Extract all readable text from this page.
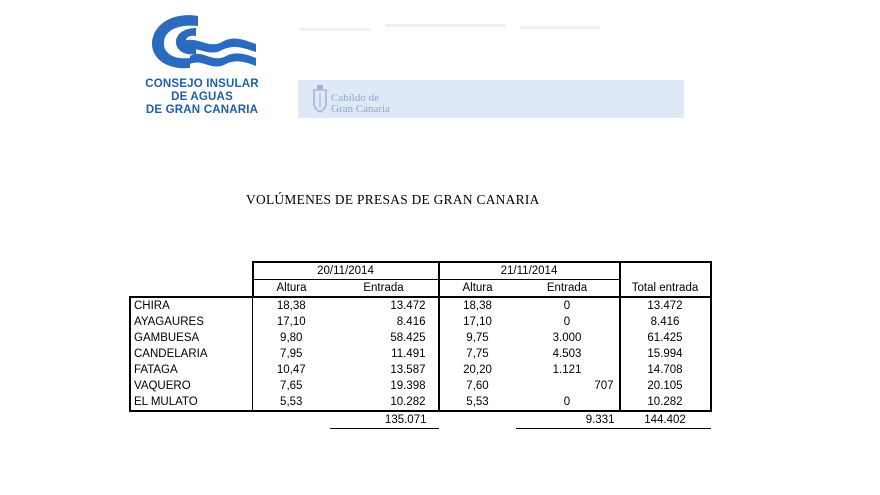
CONSEJO INSULAR
DE AGUAS
DE GRAN CANARIA
Cabildo de
Gran Canaria
VOLÚMENES DE PRESAS DE GRAN CANARIA
	20/11/2014		21/11/2014		
	Altura	Entrada	Altura	Entrada	Total entrada
CHIRA	18,38	13.472	18,38	0	13.472
AYAGAURES	17,10	8.416	17,10	0	8.416
GAMBUESA	9,80	58.425	9,75	3.000	61.425
CANDELARIA	7,95	11.491	7,75	4.503	15.994
FATAGA	10,47	13.587	20,20	1.121	14.708
VAQUERO	7,65	19.398	7,60	707	20.105
EL MULATO	5,53	10.282	5,53	0	10.282
		135.071		9.331	144.402
